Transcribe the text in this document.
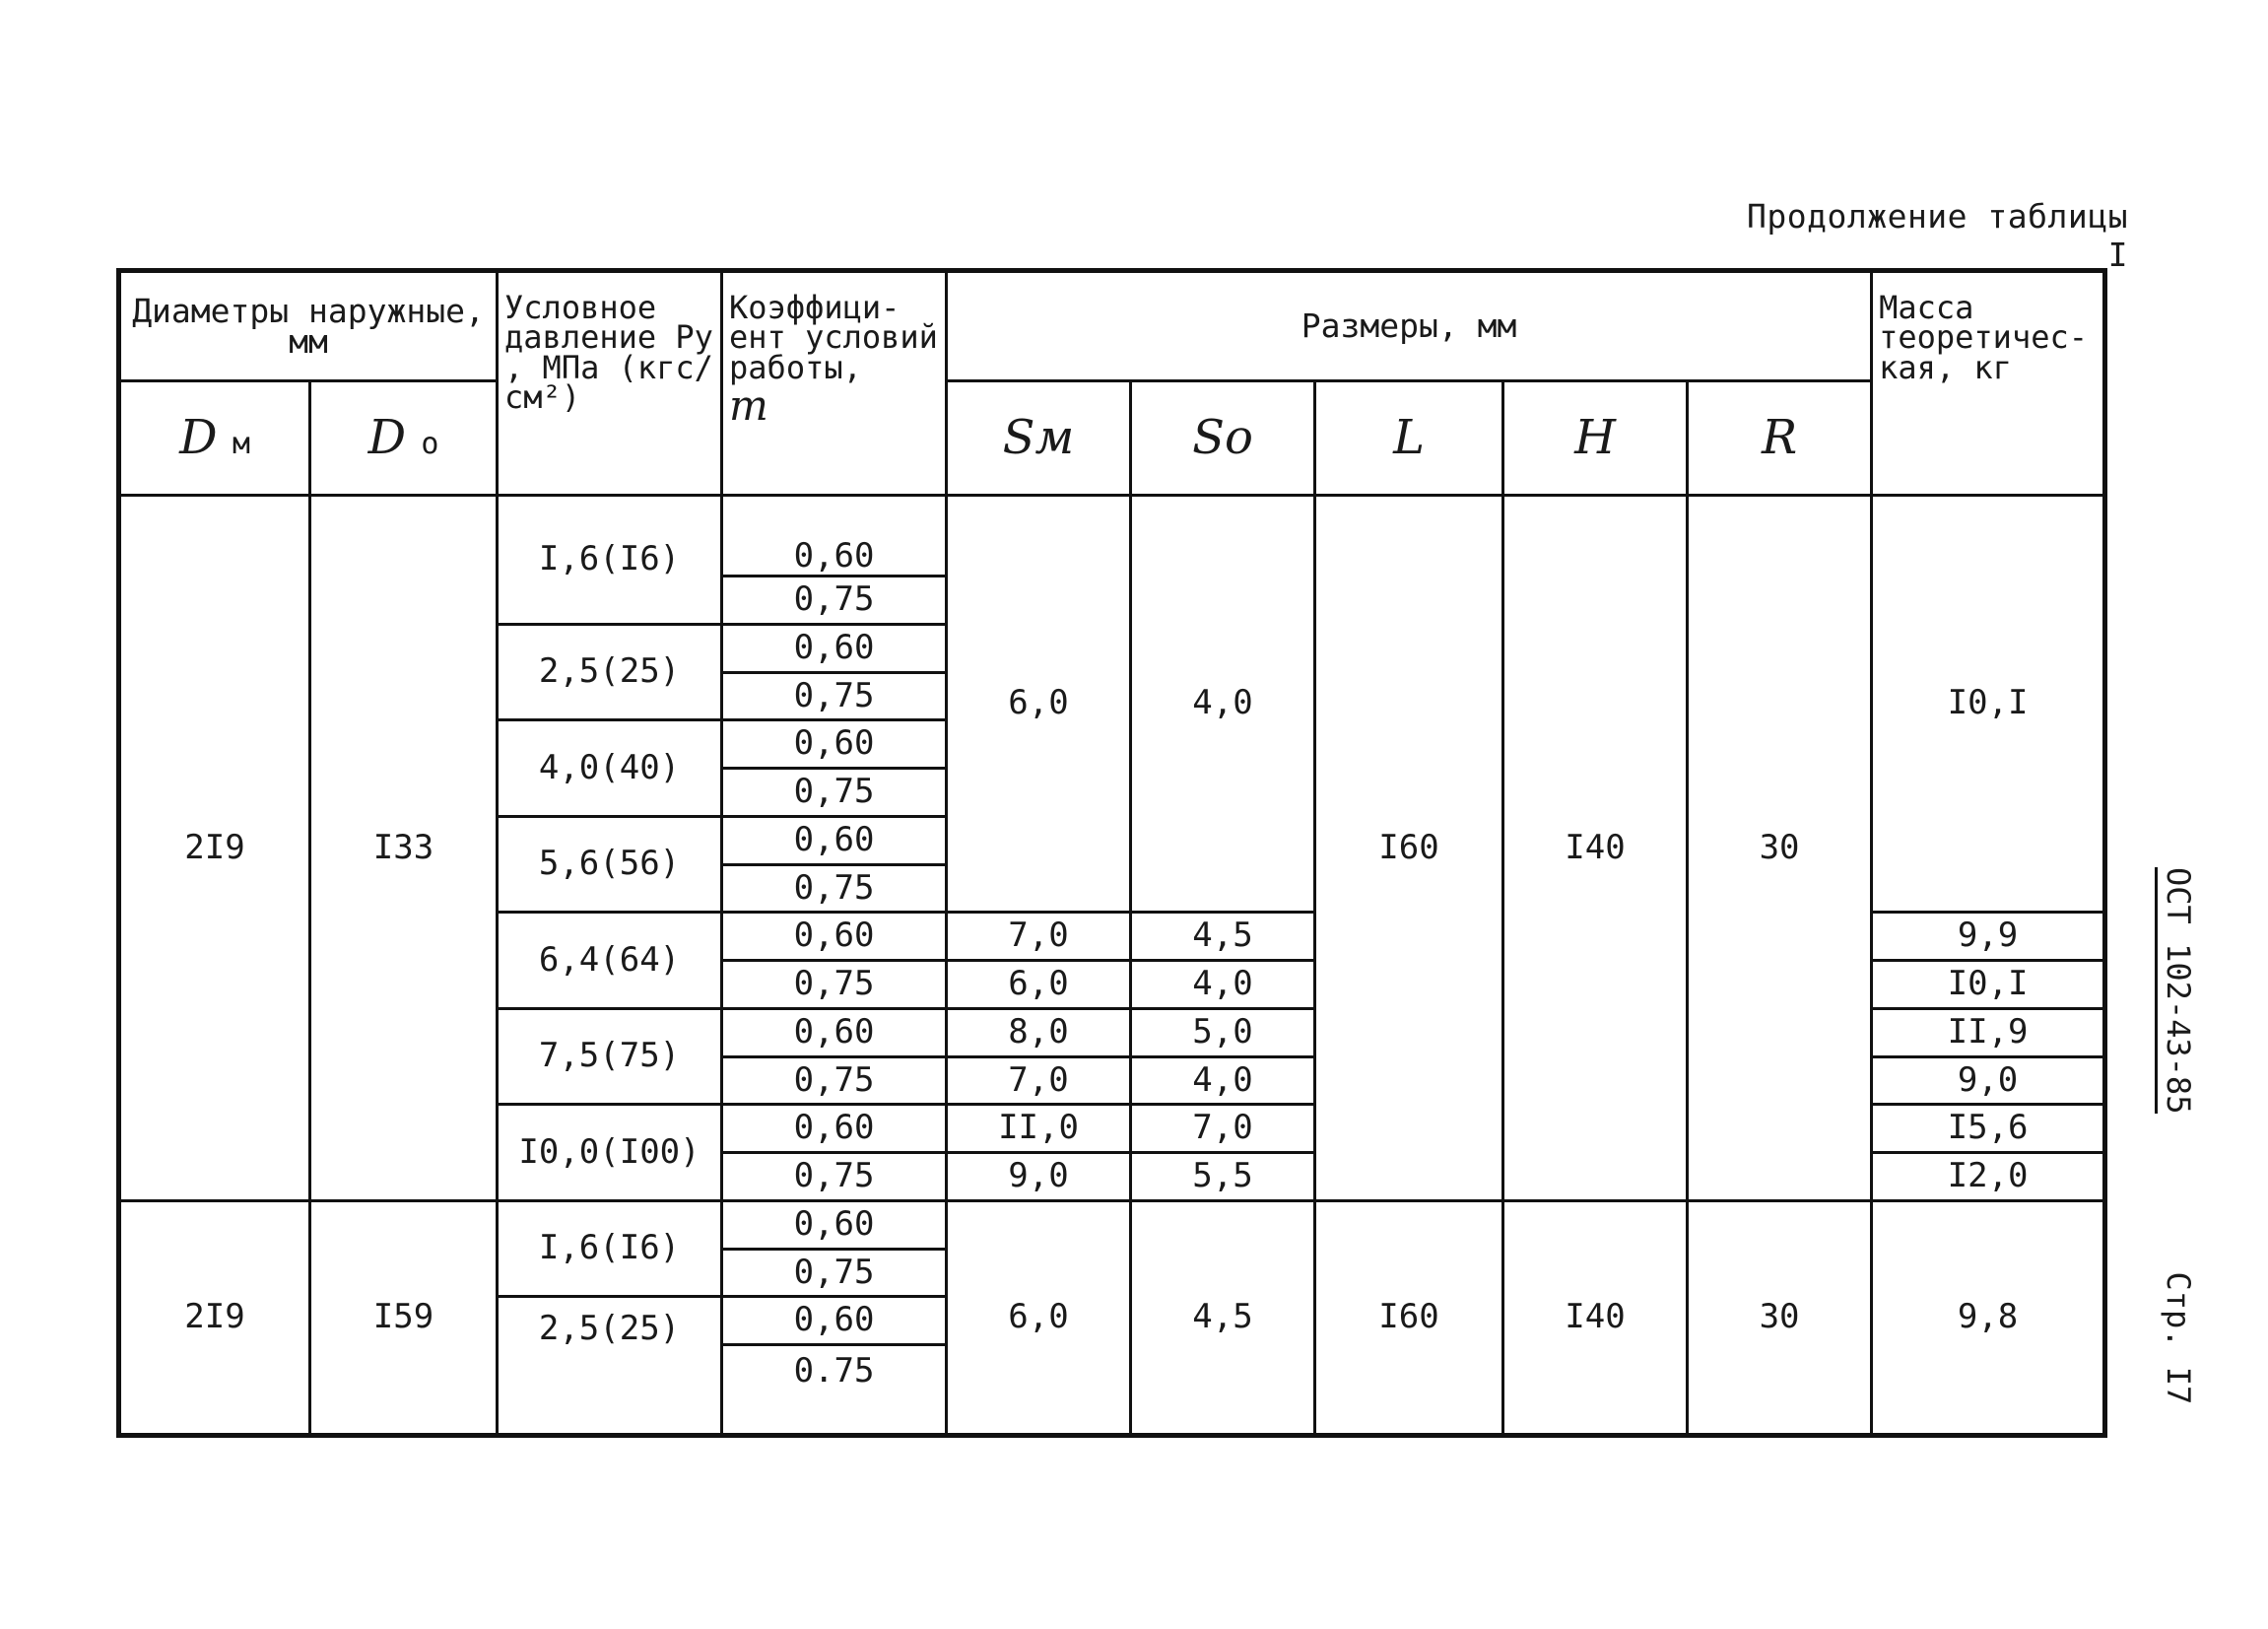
Продолжение таблицы I
Диаметры наружные, мм		Условное давление Pу , МПа (кгс/см²)	Коэффици- ент условий работы,
m	Размеры, мм					Масса теоретичес- кая, кг
D м	D о			Sм	So	L	H	R	
2I9	I33	I,6(I6)	0,60	6,0	4,0	I60	I40	30	I0,I
			0,75						
		2,5(25)	0,60						
			0,75						
		4,0(40)	0,60						
			0,75						
		5,6(56)	0,60						
			0,75						
		6,4(64)	0,60	7,0	4,5				9,9
			0,75	6,0	4,0				I0,I
		7,5(75)	0,60	8,0	5,0				II,9
			0,75	7,0	4,0				9,0
		I0,0(I00)	0,60	II,0	7,0				I5,6
			0,75	9,0	5,5				I2,0
2I9	I59	I,6(I6)	0,60	6,0	4,5	I60	I40	30	9,8
			0,75						
		2,5(25)	0,60						
			0.75						
ОСТ 102-43-85Стр. I7
